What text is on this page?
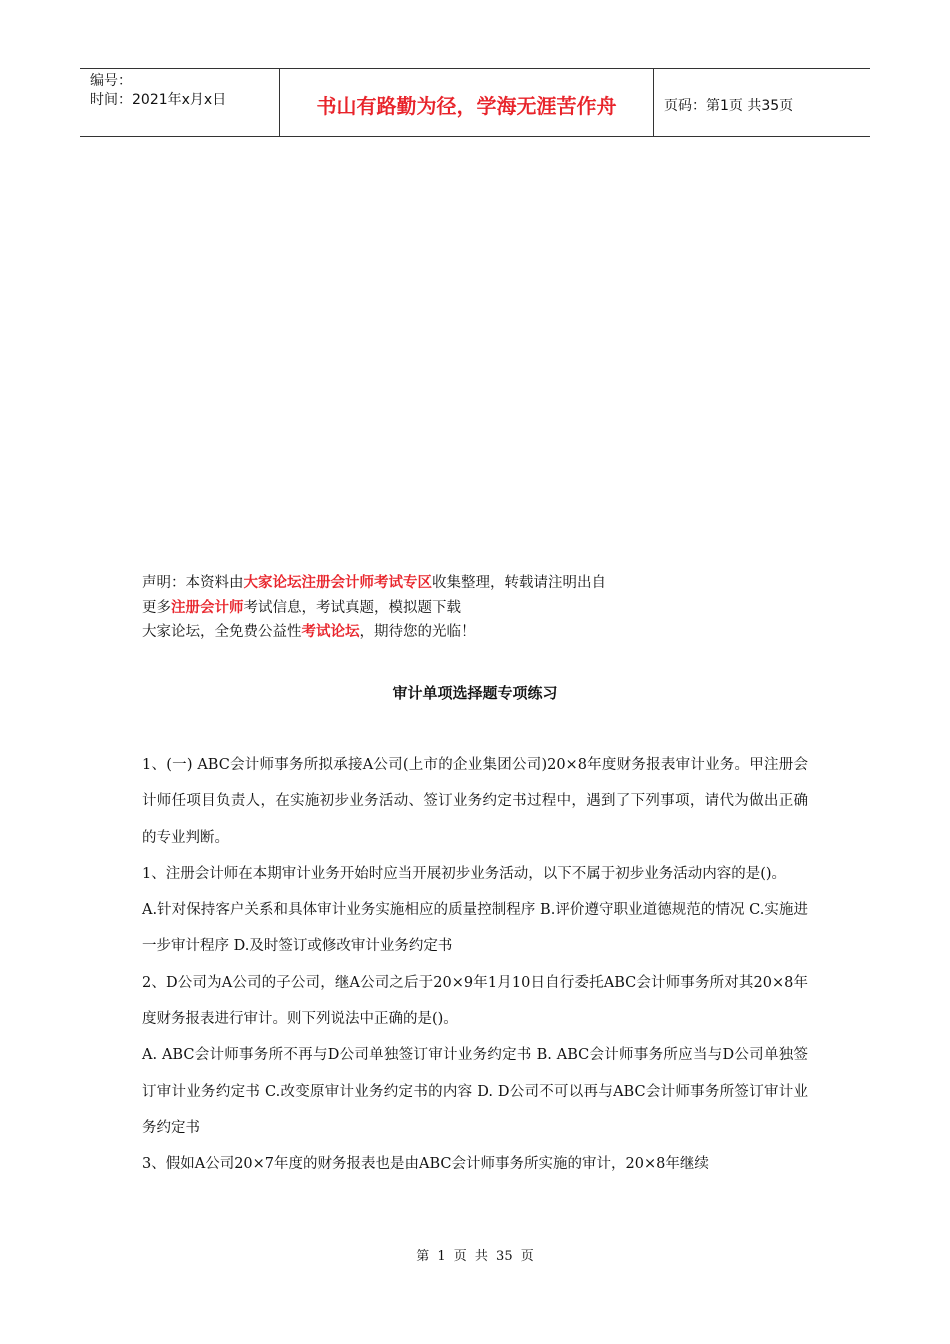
编号：
时间：2021年x月x日	书山有路勤为径，学海无涯苦作舟	页码：第1页 共35页
声明：本资料由大家论坛注册会计师考试专区收集整理，转载请注明出自
更多注册会计师考试信息，考试真题，模拟题下载
大家论坛，全免费公益性考试论坛，期待您的光临！
审计单项选择题专项练习

1、(一) ABC会计师事务所拟承接A公司(上市的企业集团公司)20×8年度财务报表审计业务。甲注册会计师任项目负责人，在实施初步业务活动、签订业务约定书过程中，遇到了下列事项，请代为做出正确的专业判断。

1、注册会计师在本期审计业务开始时应当开展初步业务活动，以下不属于初步业务活动内容的是()。

A.针对保持客户关系和具体审计业务实施相应的质量控制程序 B.评价遵守职业道德规范的情况 C.实施进一步审计程序 D.及时签订或修改审计业务约定书

2、D公司为A公司的子公司，继A公司之后于20×9年1月10日自行委托ABC会计师事务所对其20×8年度财务报表进行审计。则下列说法中正确的是()。

A. ABC会计师事务所不再与D公司单独签订审计业务约定书 B. ABC会计师事务所应当与D公司单独签订审计业务约定书 C.改变原审计业务约定书的内容 D. D公司不可以再与ABC会计师事务所签订审计业务约定书

3、假如A公司20×7年度的财务报表也是由ABC会计师事务所实施的审计，20×8年继续

第 1 页 共 35 页
